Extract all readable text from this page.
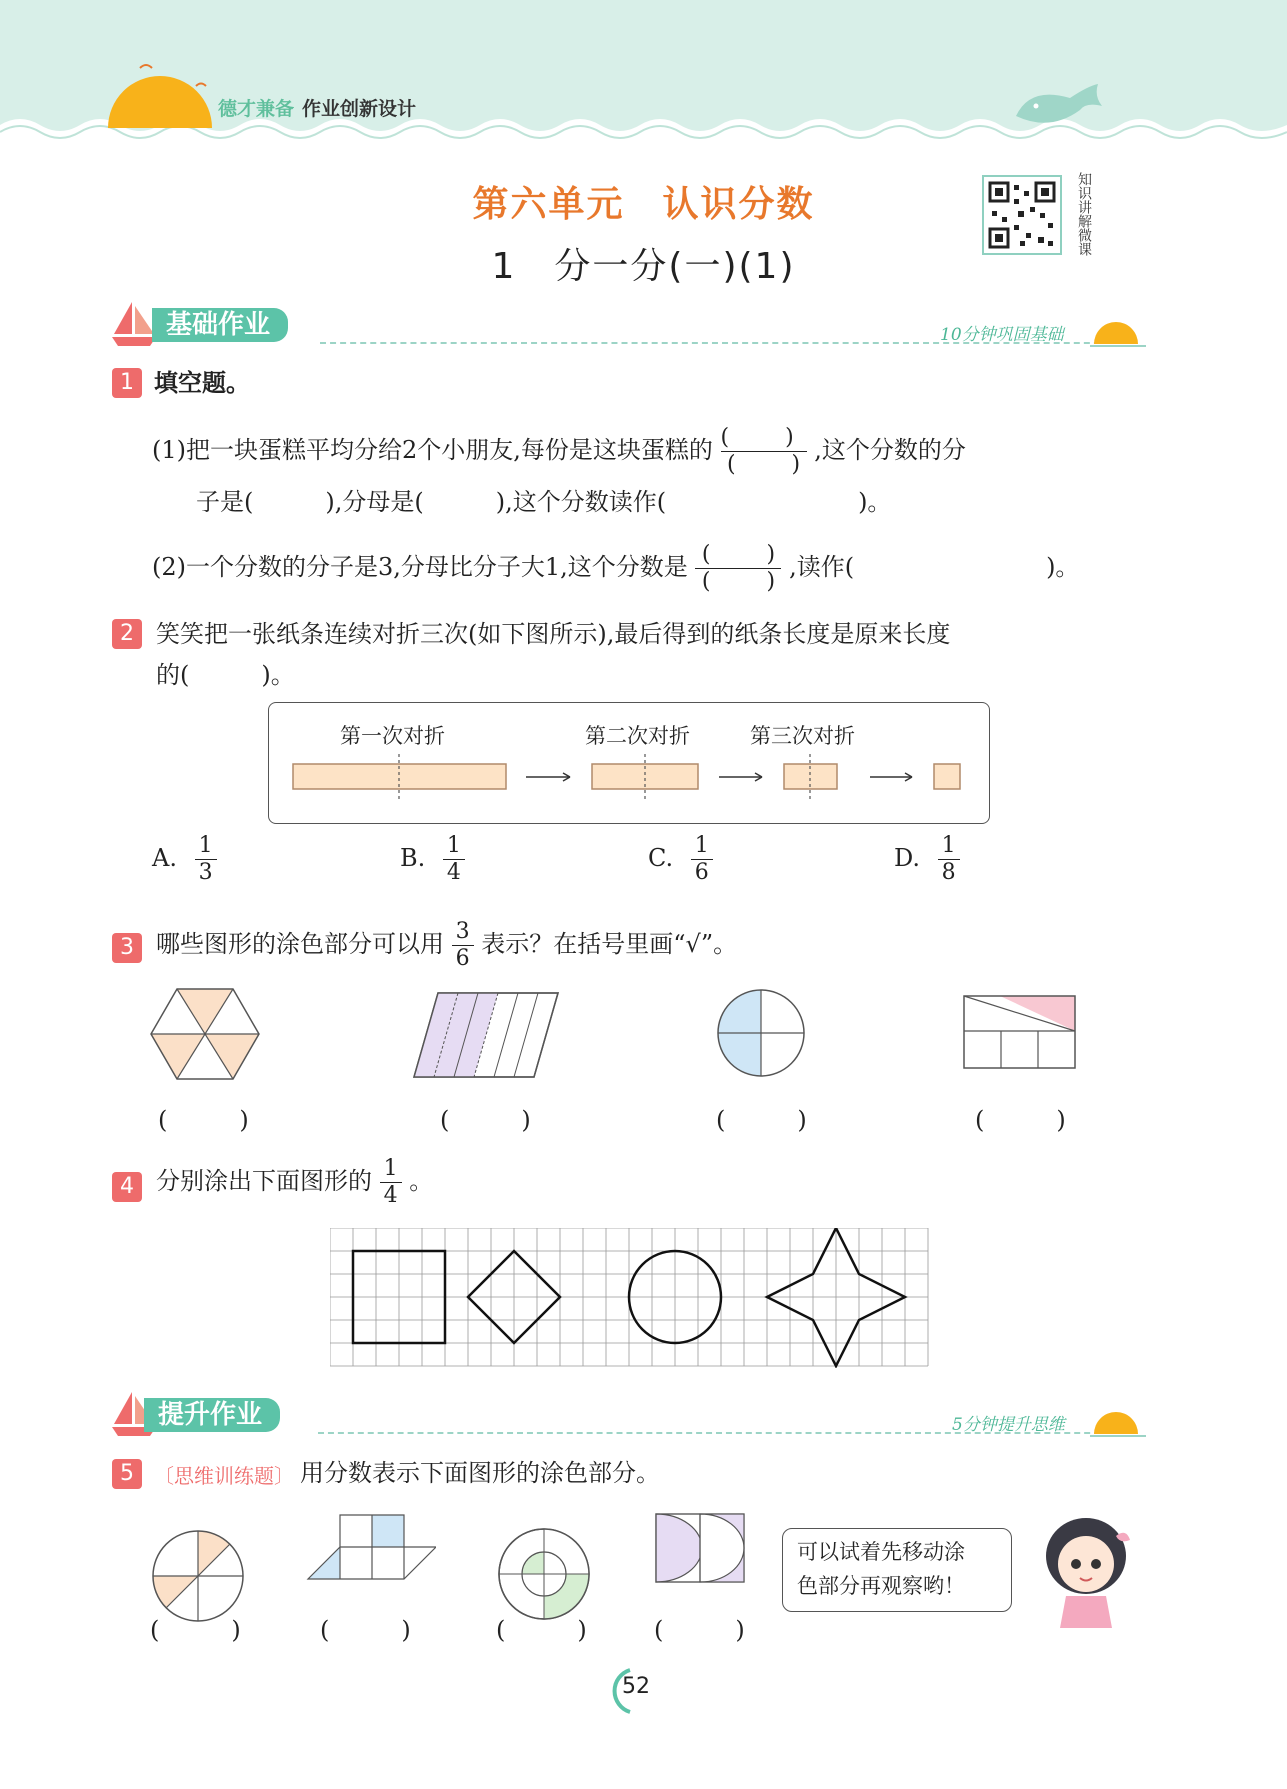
德才兼备 作业创新设计
第六单元　认识分数
1　分一分(一)(1)
知识讲解微课
基础作业	10分钟巩固基础
1 填空题。
(1)把一块蛋糕平均分给2个小朋友,每份是这块蛋糕的 (	)
(	) ,这个分数的分
子是(　　　),分母是(　　　),这个分数读作(　　　　　　　　)。
(2)一个分数的分子是3,分母比分子大1,这个分数是 (	)
(	) ,读作(　　　　　　　　)。
2 笑笑把一张纸条连续对折三次(如下图所示),最后得到的纸条长度是原来长度
的(　　　)。
第一次对折	第二次对折	第三次对折
A. $\frac{1}{3}$	B. $\frac{1}{4}$	C. $\frac{1}{6}$	D. $\frac{1}{8}$
3 哪些图形的涂色部分可以用 $\frac{3}{6}$ 表示？在括号里画“√”。
(　　　)	(　　　)	(　　　)	(　　　)
4 分别涂出下面图形的 $\frac{1}{4}$ 。
提升作业	5分钟提升思维
5	〔思维训练题〕 用分数表示下面图形的涂色部分。
可以试着先移动涂
色部分再观察哟！
(　　　)	(　　　)	(　　　)	(　　　)
52
